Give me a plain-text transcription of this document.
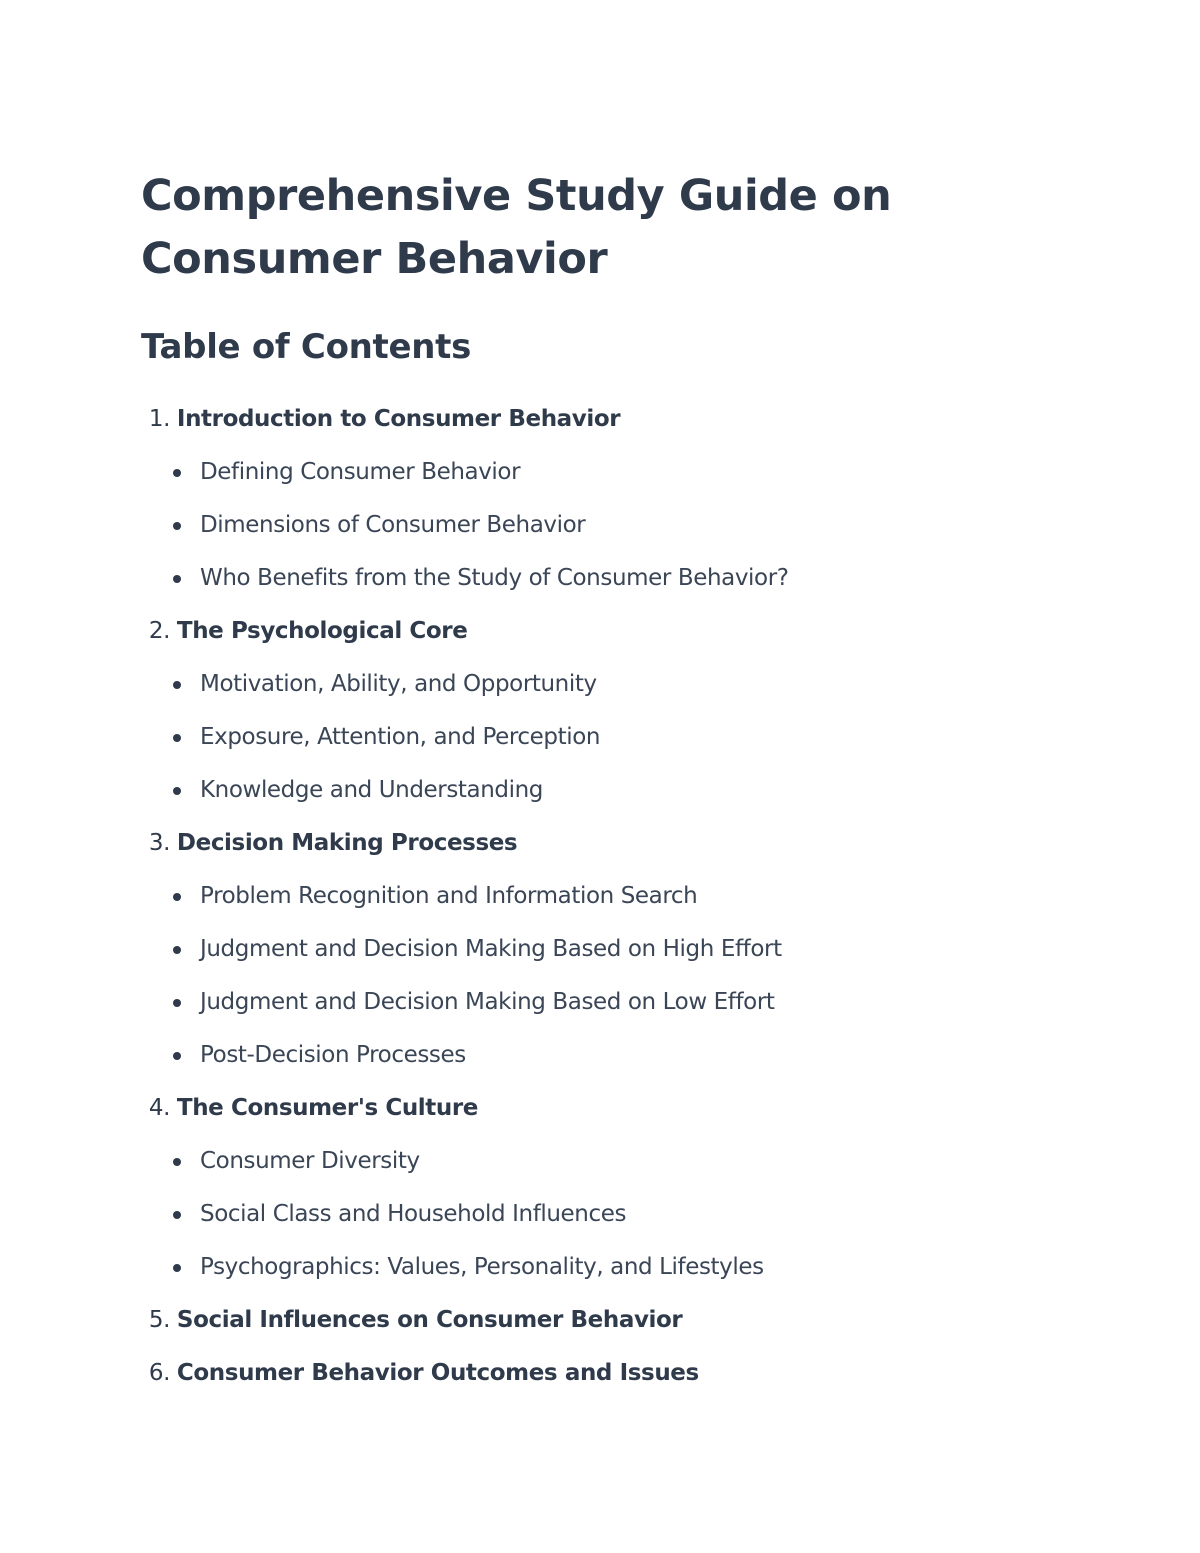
Comprehensive Study Guide on Consumer Behavior
Table of Contents
1. Introduction to Consumer Behavior
Defining Consumer Behavior
Dimensions of Consumer Behavior
Who Benefits from the Study of Consumer Behavior?
2. The Psychological Core
Motivation, Ability, and Opportunity
Exposure, Attention, and Perception
Knowledge and Understanding
3. Decision Making Processes
Problem Recognition and Information Search
Judgment and Decision Making Based on High Effort
Judgment and Decision Making Based on Low Effort
Post-Decision Processes
4. The Consumer's Culture
Consumer Diversity
Social Class and Household Influences
Psychographics: Values, Personality, and Lifestyles
5. Social Influences on Consumer Behavior
6. Consumer Behavior Outcomes and Issues
